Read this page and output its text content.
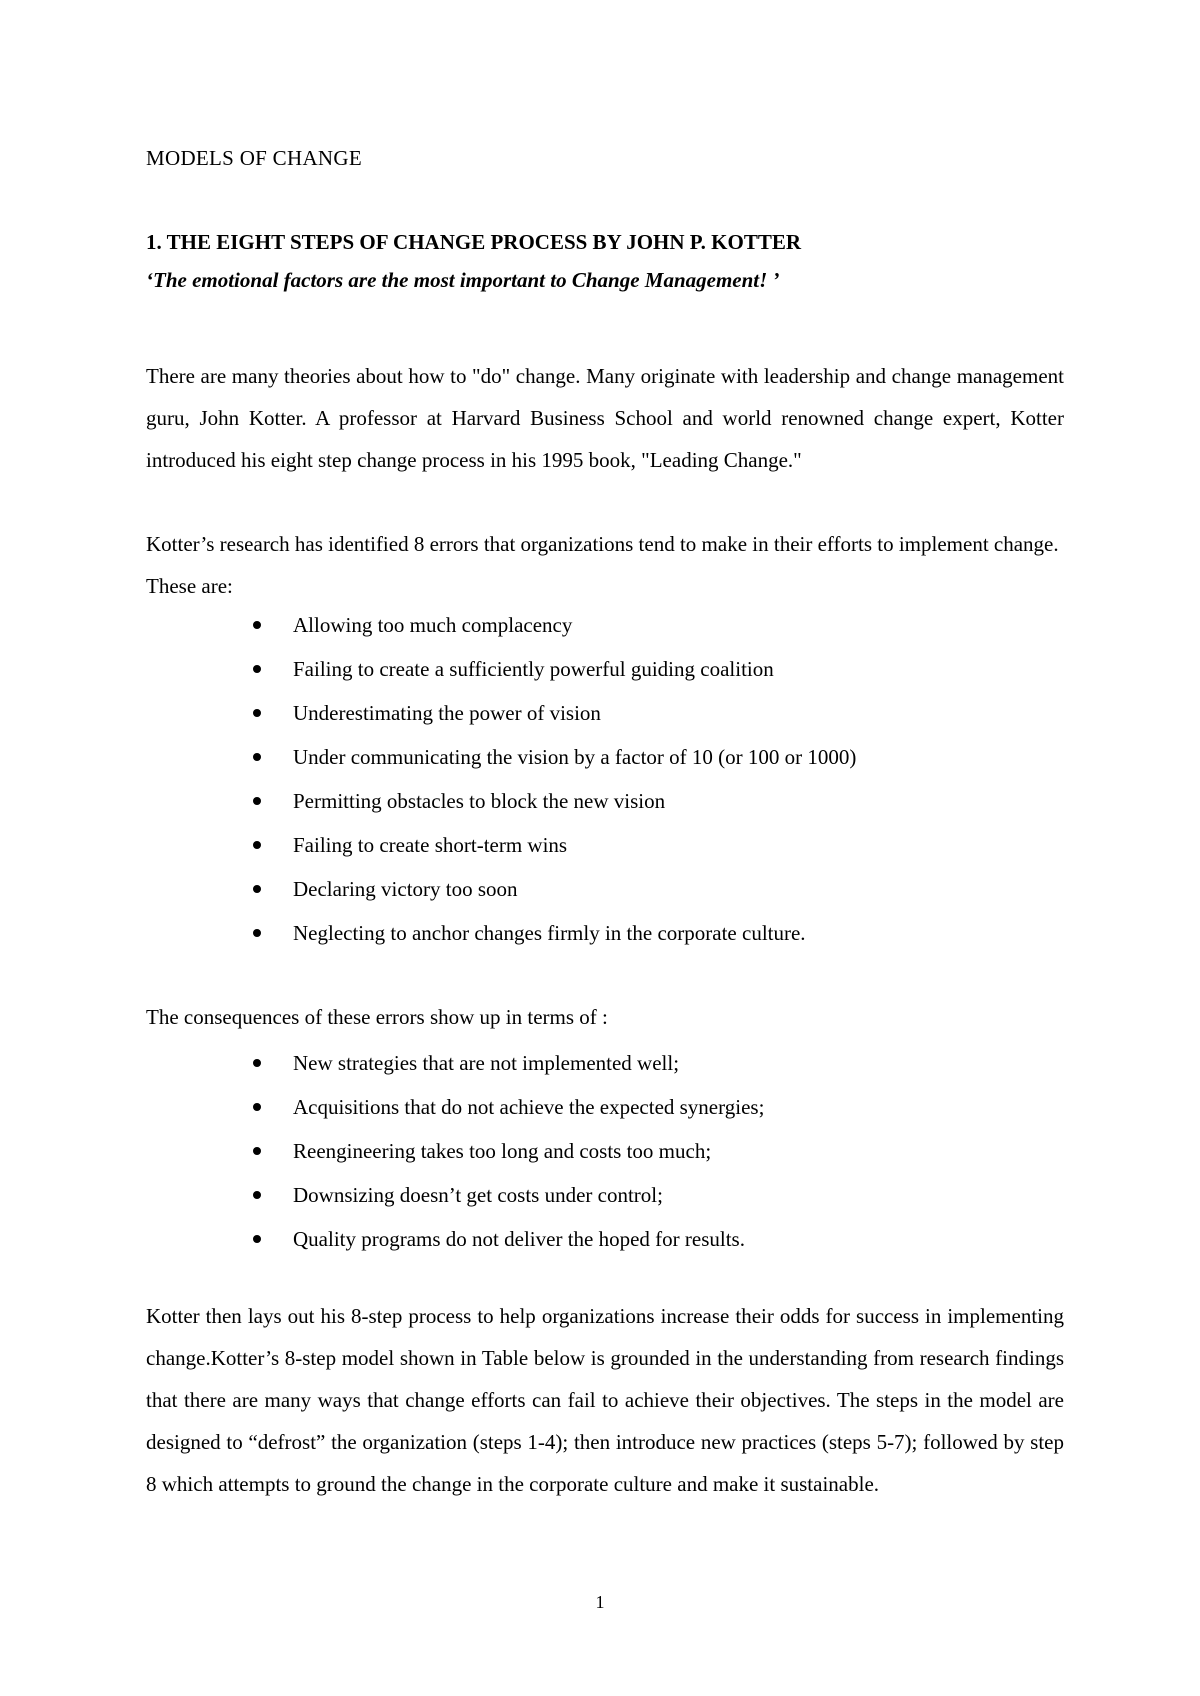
MODELS OF CHANGE
1. THE EIGHT STEPS OF CHANGE PROCESS BY JOHN P. KOTTER
‘The emotional factors are the most important to Change Management! ’

There are many theories about how to "do" change. Many originate with leadership and change management guru, John Kotter. A professor at Harvard Business School and world renowned change expert, Kotter introduced his eight step change process in his 1995 book, "Leading Change."

Kotter’s research has identified 8 errors that organizations tend to make in their efforts to implement change. These are:

Allowing too much complacency
Failing to create a sufficiently powerful guiding coalition
Underestimating the power of vision
Under communicating the vision by a factor of 10 (or 100 or 1000)
Permitting obstacles to block the new vision
Failing to create short-term wins
Declaring victory too soon
Neglecting to anchor changes firmly in the corporate culture.

The consequences of these errors show up in terms of :

New strategies that are not implemented well;
Acquisitions that do not achieve the expected synergies;
Reengineering takes too long and costs too much;
Downsizing doesn’t get costs under control;
Quality programs do not deliver the hoped for results.

Kotter then lays out his 8-step process to help organizations increase their odds for success in implementing change.Kotter’s 8-step model shown in Table below is grounded in the understanding from research findings that there are many ways that change efforts can fail to achieve their objectives. The steps in the model are designed to “defrost” the organization (steps 1-4); then introduce new practices (steps 5-7); followed by step 8 which attempts to ground the change in the corporate culture and make it sustainable.

1
